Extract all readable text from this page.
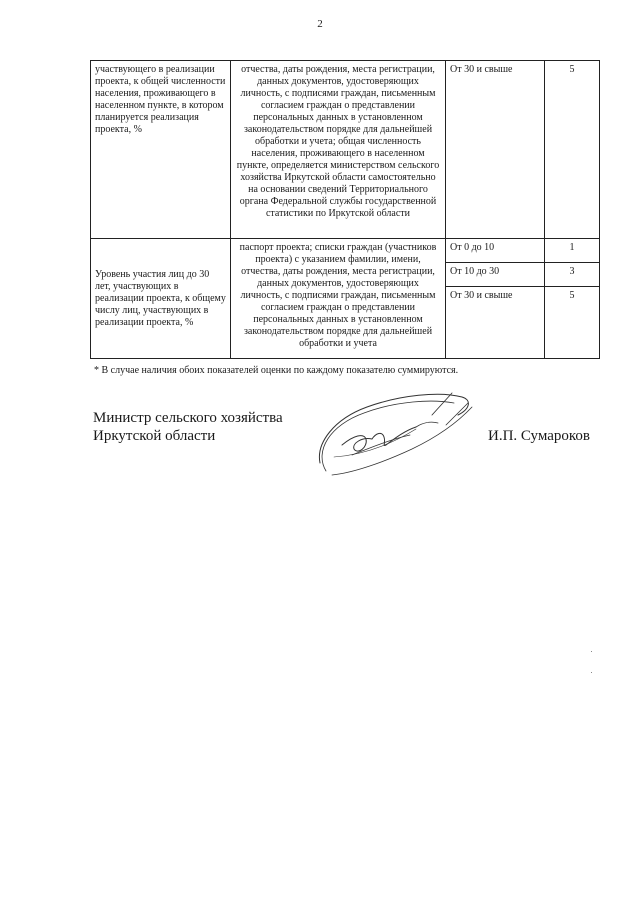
2
участвующего в реализации проекта, к общей численности населения, проживающего в населенном пункте, в котором планируется реализация проекта, %	отчества, даты рождения, места регистрации, данных документов, удостоверяющих личность, с подписями граждан, письменным согласием граждан о представлении персональных данных в установленном законодательством порядке для дальнейшей обработки и учета; общая численность населения, проживающего в населенном пункте, определяется министерством сельского хозяйства Иркутской области самостоятельно на основании сведений Территориального органа Федеральной службы государственной статистики по Иркутской области	От 30 и свыше	5
Уровень участия лиц до 30 лет, участвующих в реализации проекта, к общему числу лиц, участвующих в реализации проекта, %	паспорт проекта; списки граждан (участников проекта) с указанием фамилии, имени, отчества, даты рождения, места регистрации, данных документов, удостоверяющих личность, с подписями граждан, письменным согласием граждан о представлении персональных данных в установленном законодательством порядке для дальнейшей обработки и учета	От 0 до 10	1
		От 10 до 30	3
		От 30 и свыше	5
* В случае наличия обоих показателей оценки по каждому показателю суммируются.
Министр сельского хозяйства
Иркутской области	И.П. Сумароков
